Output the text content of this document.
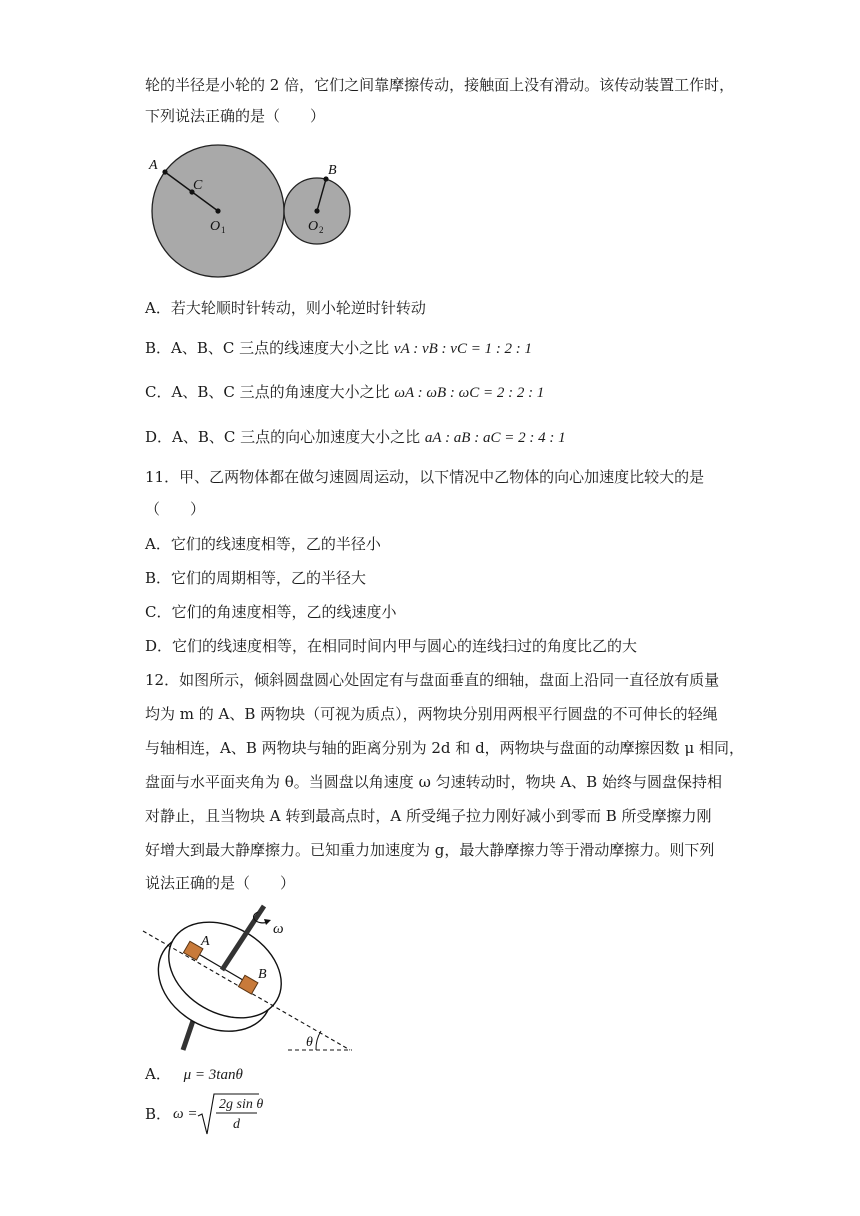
轮的半径是小轮的 2 倍，它们之间靠摩擦传动，接触面上没有滑动。该传动装置工作时，
下列说法正确的是（　　）
A
C
O 1
B
O 2
A．若大轮顺时针转动，则小轮逆时针转动
B．A、B、C 三点的线速度大小之比 vA : vB : vC = 1 : 2 : 1
C．A、B、C 三点的角速度大小之比 ωA : ωB : ωC = 2 : 2 : 1
D．A、B、C 三点的向心加速度大小之比 aA : aB : aC = 2 : 4 : 1
11．甲、乙两物体都在做匀速圆周运动，以下情况中乙物体的向心加速度比较大的是
（　　）
A．它们的线速度相等，乙的半径小
B．它们的周期相等，乙的半径大
C．它们的角速度相等，乙的线速度小
D．它们的线速度相等，在相同时间内甲与圆心的连线扫过的角度比乙的大
12．如图所示，倾斜圆盘圆心处固定有与盘面垂直的细轴，盘面上沿同一直径放有质量
均为 m 的 A、B 两物块（可视为质点），两物块分别用两根平行圆盘的不可伸长的轻绳
与轴相连，A、B 两物块与轴的距离分别为 2d 和 d，两物块与盘面的动摩擦因数 μ 相同，
盘面与水平面夹角为 θ。当圆盘以角速度 ω 匀速转动时，物块 A、B 始终与圆盘保持相
对静止，且当物块 A 转到最高点时，A 所受绳子拉力刚好减小到零而 B 所受摩擦力刚
好增大到最大静摩擦力。已知重力加速度为 g，最大静摩擦力等于滑动摩擦力。则下列
说法正确的是（　　）
ω
A
B
θ
A． μ = 3tanθ
B． ω =
2g sin θ
d
